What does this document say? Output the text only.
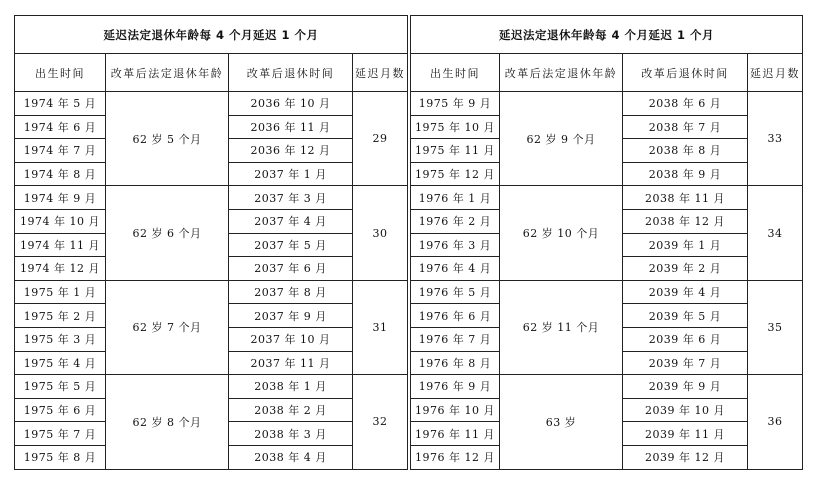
延迟法定退休年龄每 4 个月延迟 1 个月			
出生时间	改革后法定退休年龄	改革后退休时间	延迟月数
1974 年 5 月	62 岁 5 个月	2036 年 10 月	29
1974 年 6 月		2036 年 11 月	
1974 年 7 月		2036 年 12 月	
1974 年 8 月		2037 年 1 月	
1974 年 9 月	62 岁 6 个月	2037 年 3 月	30
1974 年 10 月		2037 年 4 月	
1974 年 11 月		2037 年 5 月	
1974 年 12 月		2037 年 6 月	
1975 年 1 月	62 岁 7 个月	2037 年 8 月	31
1975 年 2 月		2037 年 9 月	
1975 年 3 月		2037 年 10 月	
1975 年 4 月		2037 年 11 月	
1975 年 5 月	62 岁 8 个月	2038 年 1 月	32
1975 年 6 月		2038 年 2 月	
1975 年 7 月		2038 年 3 月	
1975 年 8 月		2038 年 4 月	
延迟法定退休年龄每 4 个月延迟 1 个月			
出生时间	改革后法定退休年龄	改革后退休时间	延迟月数
1975 年 9 月	62 岁 9 个月	2038 年 6 月	33
1975 年 10 月		2038 年 7 月	
1975 年 11 月		2038 年 8 月	
1975 年 12 月		2038 年 9 月	
1976 年 1 月	62 岁 10 个月	2038 年 11 月	34
1976 年 2 月		2038 年 12 月	
1976 年 3 月		2039 年 1 月	
1976 年 4 月		2039 年 2 月	
1976 年 5 月	62 岁 11 个月	2039 年 4 月	35
1976 年 6 月		2039 年 5 月	
1976 年 7 月		2039 年 6 月	
1976 年 8 月		2039 年 7 月	
1976 年 9 月	63 岁	2039 年 9 月	36
1976 年 10 月		2039 年 10 月	
1976 年 11 月		2039 年 11 月	
1976 年 12 月		2039 年 12 月	
